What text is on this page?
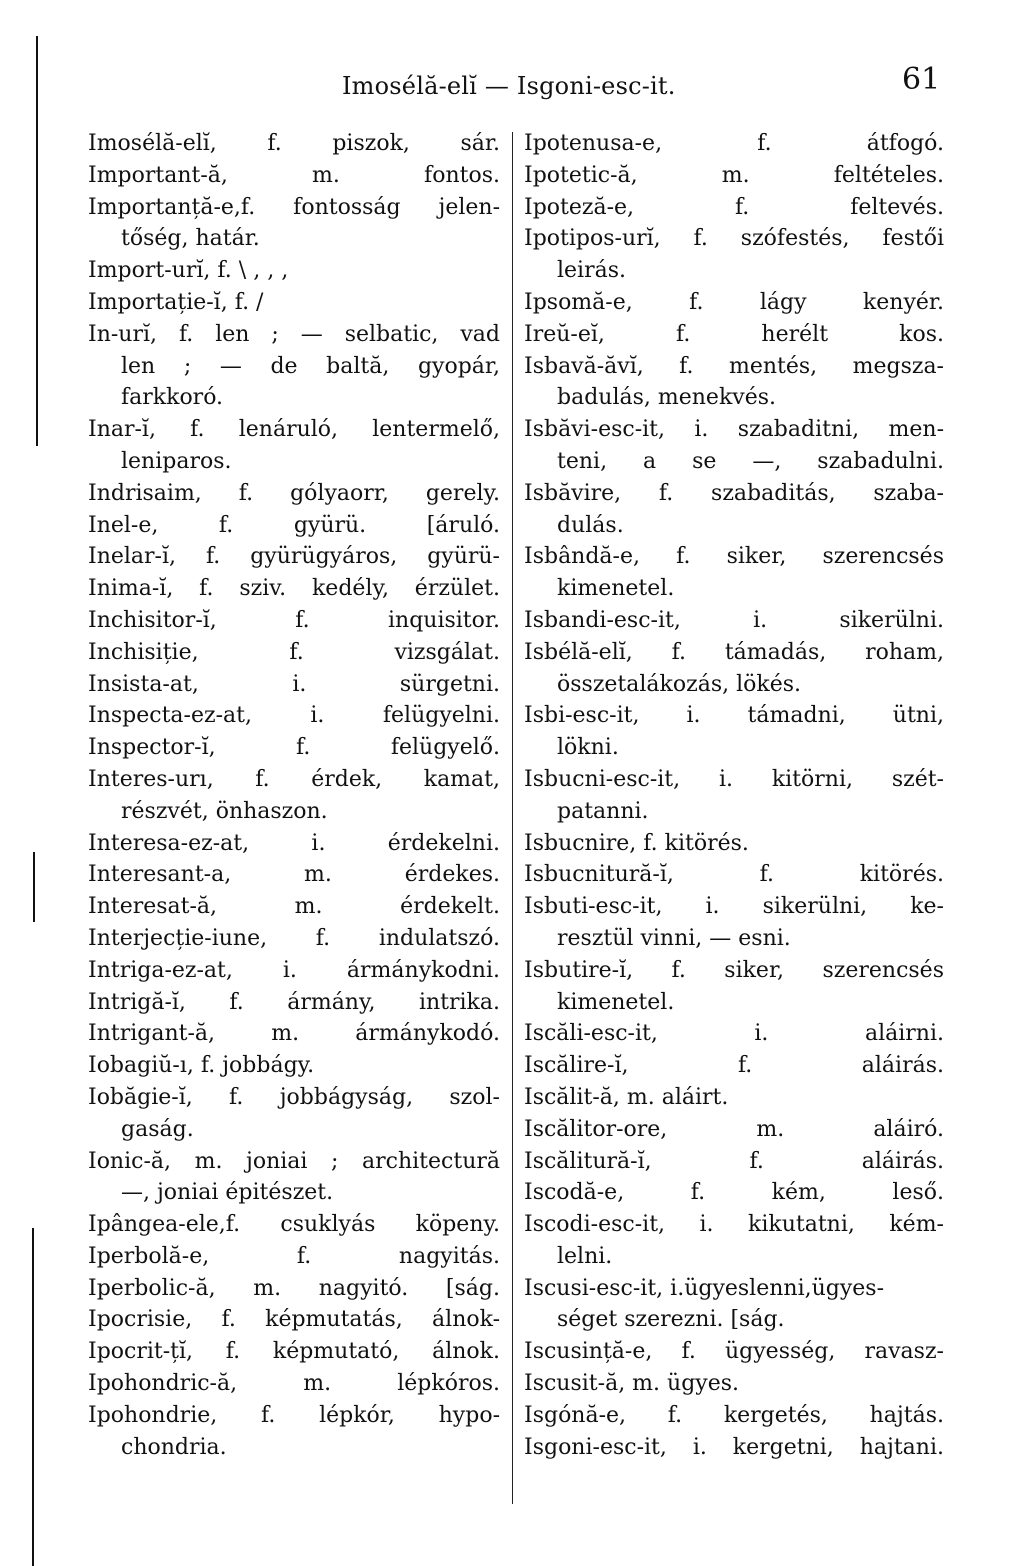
Imosélă-elĭ — Isgoni-esc-it.	61
Imosélă-elĭ, f. piszok, sár.
Important-ă, m. fontos.
Importanță-e,f. fontosság jelen-
tőség, határ.
Import-urĭ, f. \ ‚ ‚ ‚
Importație-ĭ, f. /
In-urĭ, f. len ; — selbatic, vad
len ; — de baltă, gyopár,
farkkoró.
Inar-ĭ, f. lenáruló, lentermelő,
leniparos.
Indrisaim, f. gólyaorr, gerely.
Inel-e, f. gyürü. [áruló.
Inelar-ĭ, f. gyürügyáros, gyürü-
Inima-ĭ, f. sziv. kedély, érzület.
Inchisitor-ĭ, f. inquisitor.
Inchisiție, f. vizsgálat.
Insista-at, i. sürgetni.
Inspecta-ez-at, i. felügyelni.
Inspector-ĭ, f. felügyelő.
Interes-urı, f. érdek, kamat,
részvét, önhaszon.
Interesa-ez-at, i. érdekelni.
Interesant-a, m. érdekes.
Interesat-ă, m. érdekelt.
Interjecție-iune, f. indulatszó.
Intriga-ez-at, i. ármánykodni.
Intrigă-ĭ, f. ármány, intrika.
Intrigant-ă, m. ármánykodó.
Iobagiŭ-ı, f. jobbágy.
Iobăgie-ĭ, f. jobbágyság, szol-
gaság.
Ionic-ă, m. joniai ; architectură
—, joniai épitészet.
Ipângea-ele,f. csuklyás köpeny.
Iperbolă-e, f. nagyitás.
Iperbolic-ă, m. nagyitó. [ság.
Ipocrisie, f. képmutatás, álnok-
Ipocrit-țĭ, f. képmutató, álnok.
Ipohondric-ă, m. lépkóros.
Ipohondrie, f. lépkór, hypo-
chondria.
Ipotenusa-e, f. átfogó.
Ipotetic-ă, m. feltételes.
Ipoteză-e, f. feltevés.
Ipotipos-urĭ, f. szófestés, festői
leirás.
Ipsomă-e, f. lágy kenyér.
Ireŭ-eĭ, f. herélt kos.
Isbavă-ăvĭ, f. mentés, megsza-
badulás, menekvés.
Isbăvi-esc-it, i. szabaditni, men-
teni, a se —, szabadulni.
Isbăvire, f. szabaditás, szaba-
dulás.
Isbândă-e, f. siker, szerencsés
kimenetel.
Isbandi-esc-it, i. sikerülni.
Isbélă-elĭ, f. támadás, roham,
összetalákozás, lökés.
Isbi-esc-it, i. támadni, ütni,
lökni.
Isbucni-esc-it, i. kitörni, szét-
patanni.
Isbucnire, f. kitörés.
Isbucnitură-ĭ, f. kitörés.
Isbuti-esc-it, i. sikerülni, ke-
resztül vinni, — esni.
Isbutire-ĭ, f. siker, szerencsés
kimenetel.
Iscăli-esc-it, i. aláirni.
Iscălire-ĭ, f. aláirás.
Iscălit-ă, m. aláirt.
Iscălitor-ore, m. aláiró.
Iscălitură-ĭ, f. aláirás.
Iscodă-e, f. kém, leső.
Iscodi-esc-it, i. kikutatni, kém-
lelni.
Iscusi-esc-it, i.ügyeslenni,ügyes-
séget szerezni. [ság.
Iscusință-e, f. ügyesség, ravasz-
Iscusit-ă, m. ügyes.
Isgónă-e, f. kergetés, hajtás.
Isgoni-esc-it, i. kergetni, hajtani.
